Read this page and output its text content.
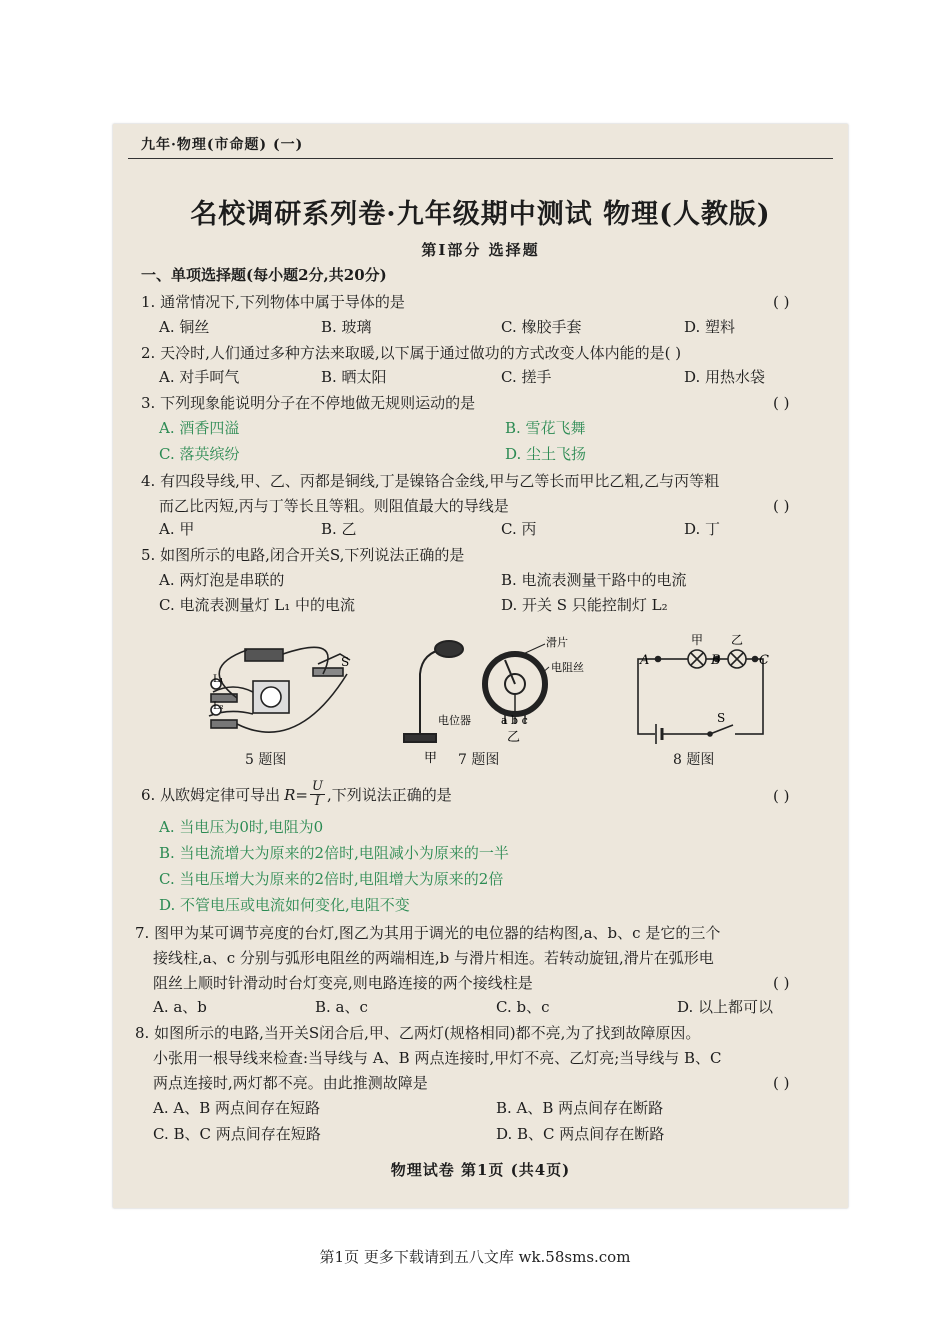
九年·物理(市命题) (一)
名校调研系列卷·九年级期中测试 物理(人教版)
第Ⅰ部分 选择题
一、单项选择题(每小题2分,共20分)
1. 通常情况下,下列物体中属于导体的是	( )
A. 铜丝	B. 玻璃	C. 橡胶手套	D. 塑料
2. 天冷时,人们通过多种方法来取暖,以下属于通过做功的方式改变人体内能的是( )
A. 对手呵气	B. 晒太阳	C. 搓手	D. 用热水袋
3. 下列现象能说明分子在不停地做无规则运动的是	( )
A. 酒香四溢	B. 雪花飞舞
C. 落英缤纷	D. 尘土飞扬
4. 有四段导线,甲、乙、丙都是铜线,丁是镍铬合金线,甲与乙等长而甲比乙粗,乙与丙等粗
而乙比丙短,丙与丁等长且等粗。则阻值最大的导线是	( )
A. 甲	B. 乙	C. 丙	D. 丁
5. 如图所示的电路,闭合开关S,下列说法正确的是
A. 两灯泡是串联的	B. 电流表测量干路中的电流
C. 电流表测量灯 L₁ 中的电流	D. 开关 S 只能控制灯 L₂
L₁
L₂
S
甲
滑片
电阻丝
电位器	a b c
乙
A
甲
B
乙
C
S
5 题图	7 题图	8 题图
6. 从欧姆定律可导出 $R= \frac{U}{I}$ ,下列说法正确的是	( )
A. 当电压为0时,电阻为0
B. 当电流增大为原来的2倍时,电阻减小为原来的一半
C. 当电压增大为原来的2倍时,电阻增大为原来的2倍
D. 不管电压或电流如何变化,电阻不变
7. 图甲为某可调节亮度的台灯,图乙为其用于调光的电位器的结构图,a、b、c 是它的三个
接线柱,a、c 分别与弧形电阻丝的两端相连,b 与滑片相连。若转动旋钮,滑片在弧形电
阻丝上顺时针滑动时台灯变亮,则电路连接的两个接线柱是	( )
A. a、b	B. a、c	C. b、c	D. 以上都可以
8. 如图所示的电路,当开关S闭合后,甲、乙两灯(规格相同)都不亮,为了找到故障原因。
小张用一根导线来检查:当导线与 A、B 两点连接时,甲灯不亮、乙灯亮;当导线与 B、C
两点连接时,两灯都不亮。由此推测故障是	( )
A. A、B 两点间存在短路	B. A、B 两点间存在断路
C. B、C 两点间存在短路	D. B、C 两点间存在断路
物理试卷 第1页 (共4页)
第1页 更多下载请到五八文库 wk.58sms.com
